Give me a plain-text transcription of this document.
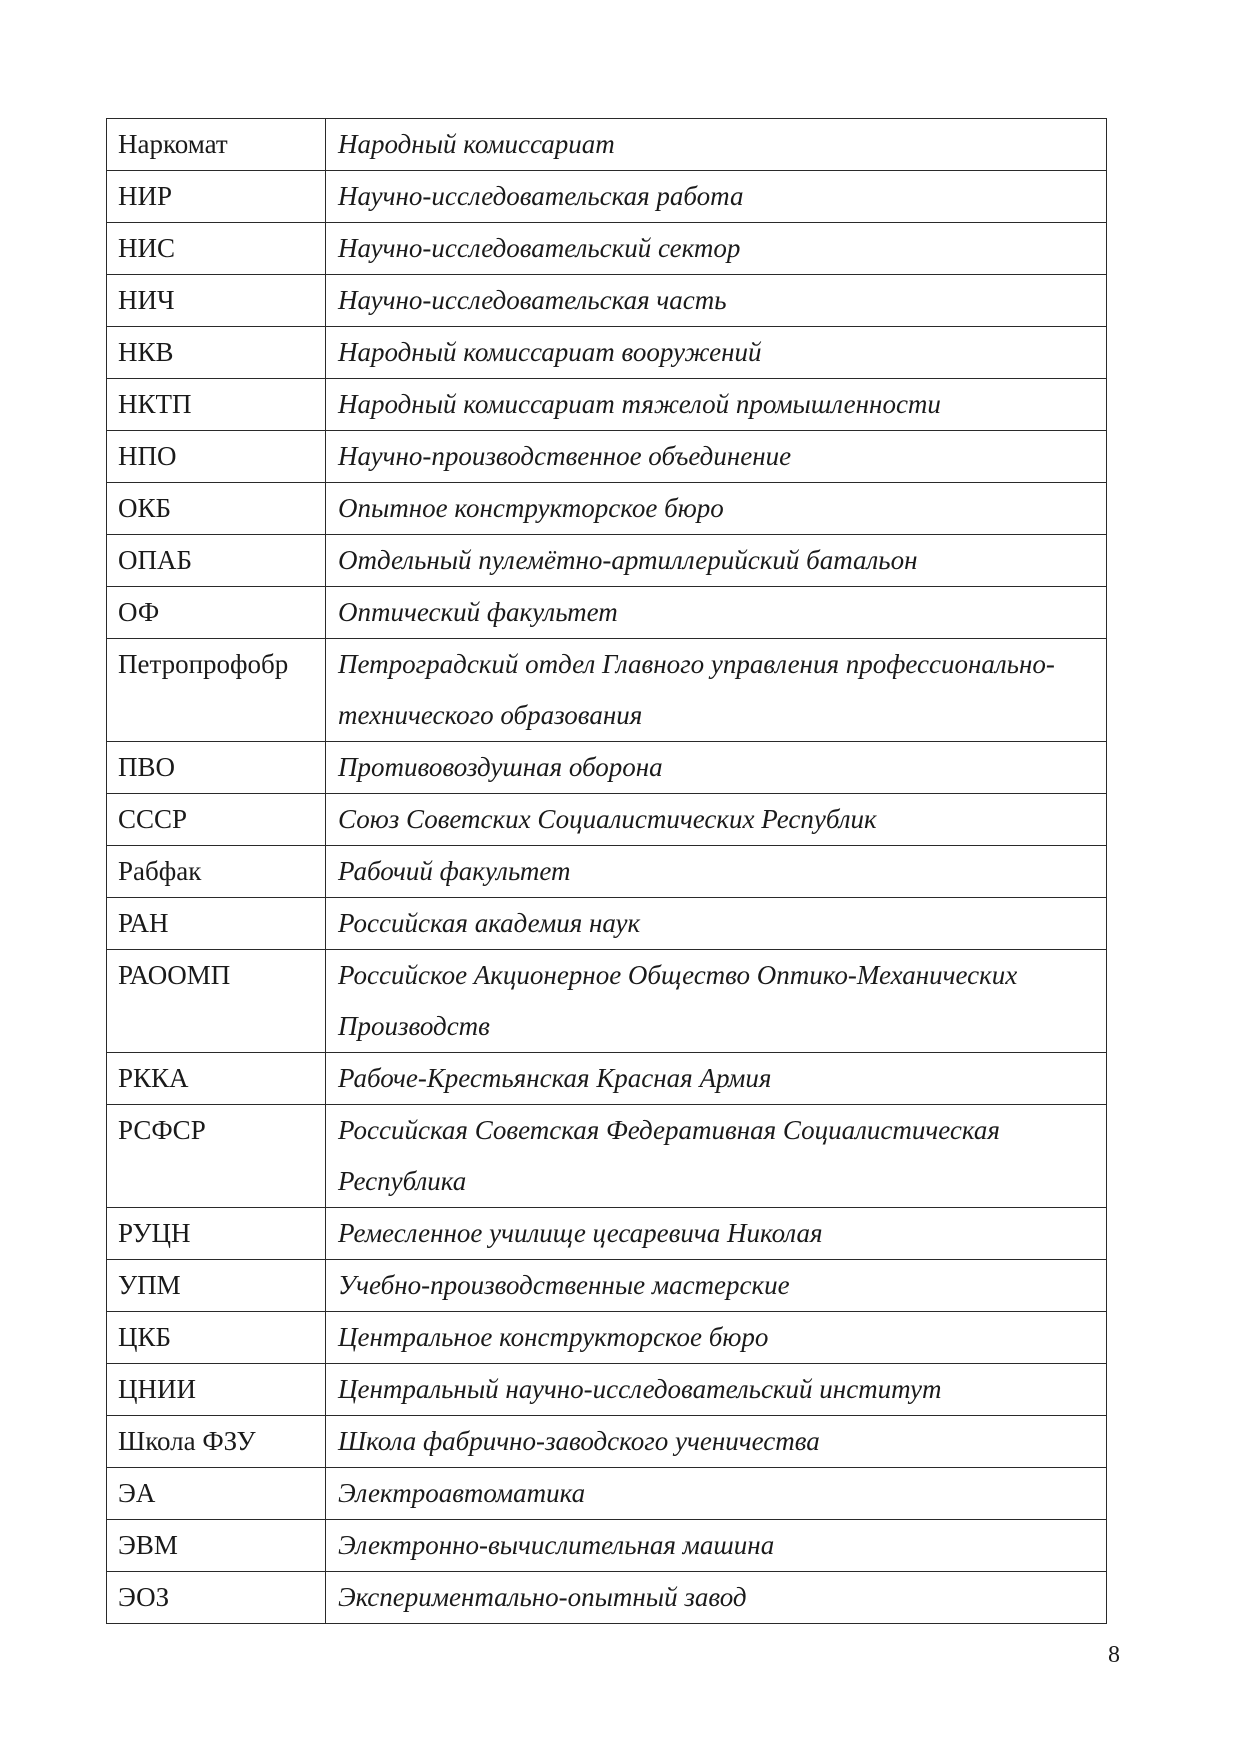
Наркомат	Народный комиссариат
НИР	Научно-исследовательская работа
НИС	Научно-исследовательский сектор
НИЧ	Научно-исследовательская часть
НКВ	Народный комиссариат вооружений
НКТП	Народный комиссариат тяжелой промышленности
НПО	Научно-производственное объединение
ОКБ	Опытное конструкторское бюро
ОПАБ	Отдельный пулемётно-артиллерийский батальон
ОФ	Оптический факультет
Петропрофобр	Петроградский отдел Главного управления профессионально-технического образования
ПВО	Противовоздушная оборона
СССР	Союз Советских Социалистических Республик
Рабфак	Рабочий факультет
РАН	Российская академия наук
РАООМП	Российское Акционерное Общество Оптико-Механических Производств
РККА	Рабоче-Крестьянская Красная Армия
РСФСР	Российская Советская Федеративная Социалистическая Республика
РУЦН	Ремесленное училище цесаревича Николая
УПМ	Учебно-производственные мастерские
ЦКБ	Центральное конструкторское бюро
ЦНИИ	Центральный научно-исследовательский институт
Школа ФЗУ	Школа фабрично-заводского ученичества
ЭА	Электроавтоматика
ЭВМ	Электронно-вычислительная машина
ЭОЗ	Экспериментально-опытный завод
8
